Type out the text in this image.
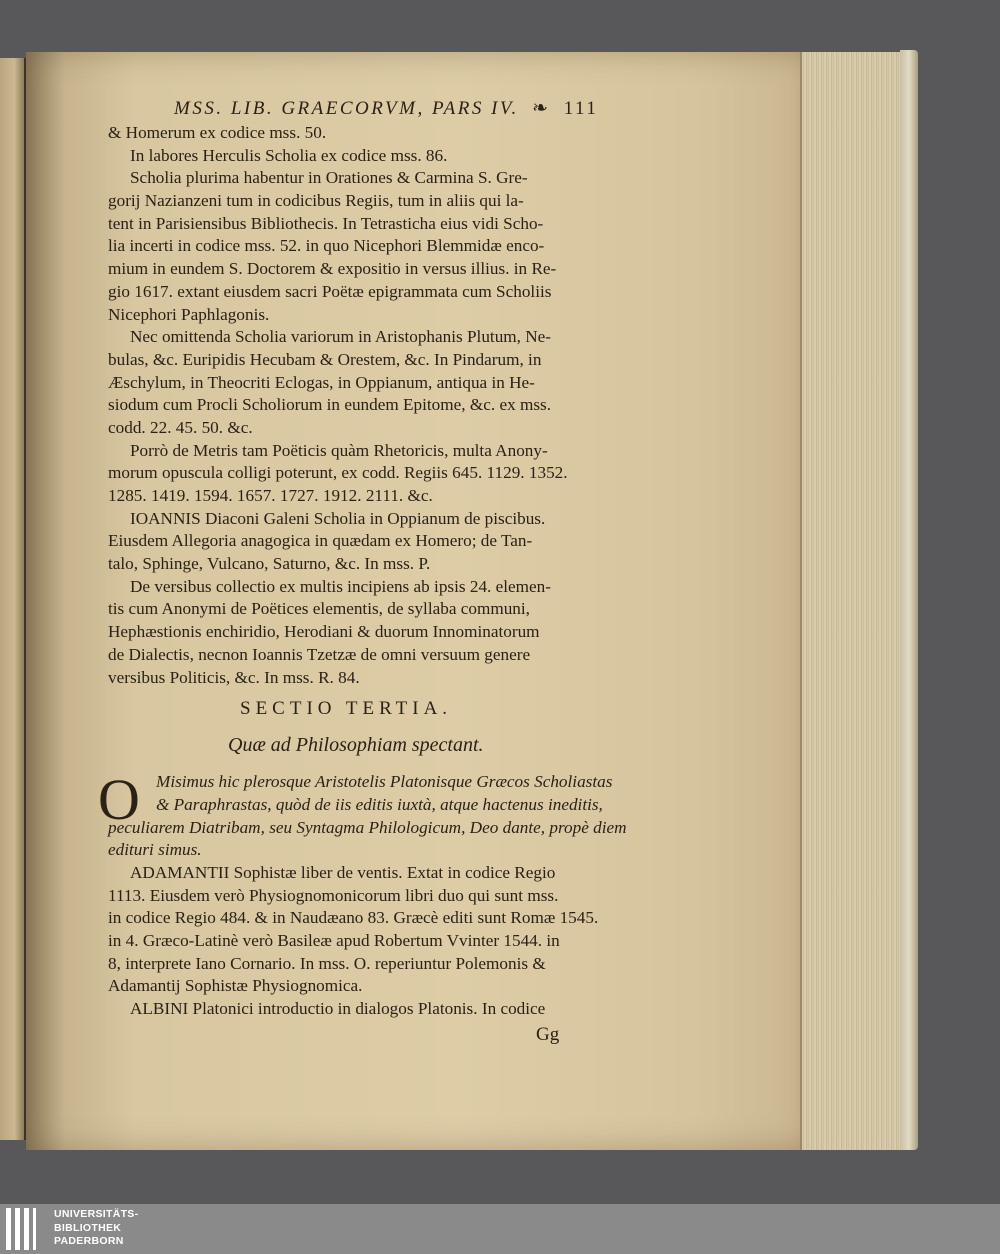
MSS. LIB. GRAECORVM, PARS IV. ❧ 111
& Homerum ex codice mss. 50.
In labores Herculis Scholia ex codice mss. 86.
Scholia plurima habentur in Orationes & Carmina S. Gre-
gorij Nazianzeni tum in codicibus Regiis, tum in aliis qui la-
tent in Parisiensibus Bibliothecis. In Tetrasticha eius vidi Scho-
lia incerti in codice mss. 52. in quo Nicephori Blemmidæ enco-
mium in eundem S. Doctorem & expositio in versus illius. in Re-
gio 1617. extant eiusdem sacri Poëtæ epigrammata cum Scholiis
Nicephori Paphlagonis.
Nec omittenda Scholia variorum in Aristophanis Plutum, Ne-
bulas, &c. Euripidis Hecubam & Orestem, &c. In Pindarum, in
Æschylum, in Theocriti Eclogas, in Oppianum, antiqua in He-
siodum cum Procli Scholiorum in eundem Epitome, &c. ex mss.
codd. 22. 45. 50. &c.
Porrò de Metris tam Poëticis quàm Rhetoricis, multa Anony-
morum opuscula colligi poterunt, ex codd. Regiis 645. 1129. 1352.
1285. 1419. 1594. 1657. 1727. 1912. 2111. &c.
IOANNIS Diaconi Galeni Scholia in Oppianum de piscibus.
Eiusdem Allegoria anagogica in quædam ex Homero; de Tan-
talo, Sphinge, Vulcano, Saturno, &c. In mss. P.
De versibus collectio ex multis incipiens ab ipsis 24. elemen-
tis cum Anonymi de Poëtices elementis, de syllaba communi,
Hephæstionis enchiridio, Herodiani & duorum Innominatorum
de Dialectis, necnon Ioannis Tzetzæ de omni versuum genere
versibus Politicis, &c. In mss. R. 84.
SECTIO TERTIA.
Quæ ad Philosophiam spectant.
O Misimus hic plerosque Aristotelis Platonisque Græcos Scholiastas
& Paraphrastas, quòd de iis editis iuxtà, atque hactenus ineditis,
peculiarem Diatribam, seu Syntagma Philologicum, Deo dante, propè diem
edituri simus.
ADAMANTII Sophistæ liber de ventis. Extat in codice Regio
1113. Eiusdem verò Physiognomonicorum libri duo qui sunt mss.
in codice Regio 484. & in Naudæano 83. Græcè editi sunt Romæ 1545.
in 4. Græco-Latinè verò Basileæ apud Robertum Vvinter 1544. in
8, interprete Iano Cornario. In mss. O. reperiuntur Polemonis &
Adamantij Sophistæ Physiognomica.
ALBINI Platonici introductio in dialogos Platonis. In codice
Gg
UNIVERSITÄTS-
BIBLIOTHEK
PADERBORN
